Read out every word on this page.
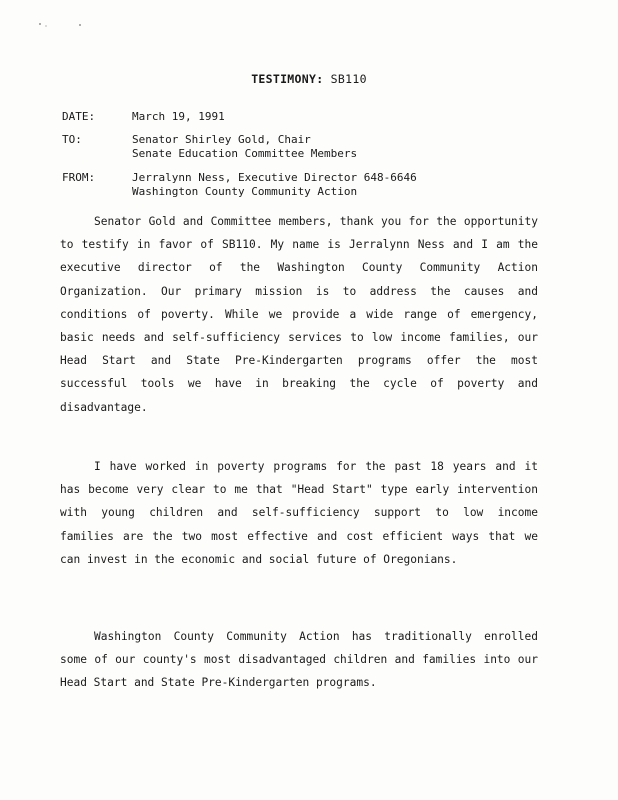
TESTIMONY: SB110
DATE:	March 19, 1991
TO:	Senator Shirley Gold, Chair
Senate Education Committee Members
FROM:	Jerralynn Ness, Executive Director 648-6646
Washington County Community Action

Senator Gold and Committee members, thank you for the opportunity to testify in favor of SB110. My name is Jerralynn Ness and I am the executive director of the Washington County Community Action Organization. Our primary mission is to address the causes and conditions of poverty. While we provide a wide range of emergency, basic needs and self-sufficiency services to low income families, our Head Start and State Pre-Kindergarten programs offer the most successful tools we have in breaking the cycle of poverty and disadvantage.

I have worked in poverty programs for the past 18 years and it has become very clear to me that "Head Start" type early intervention with young children and self-sufficiency support to low income families are the two most effective and cost efficient ways that we can invest in the economic and social future of Oregonians.

Washington County Community Action has traditionally enrolled some of our county's most disadvantaged children and families into our Head Start and State Pre-Kindergarten programs.
